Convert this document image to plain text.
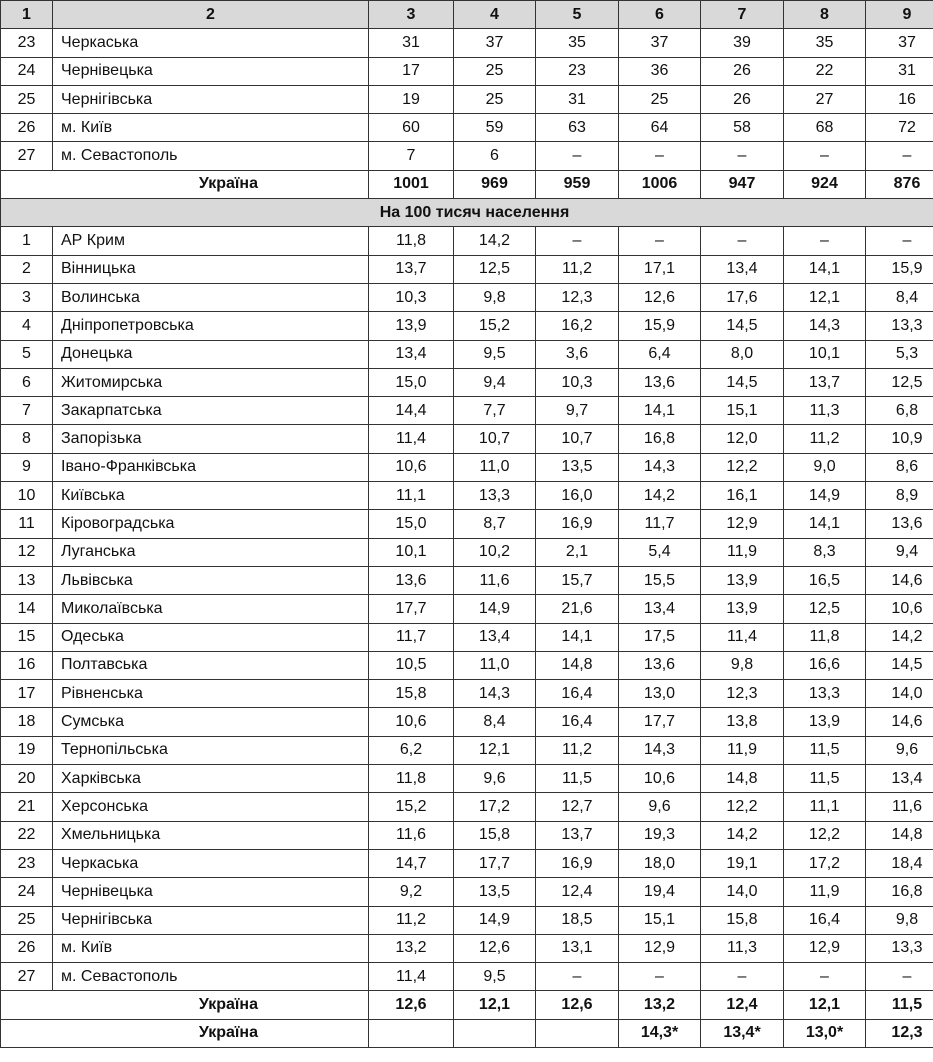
1	2	3	4	5	6	7	8	9
23	Черкаська	31	37	35	37	39	35	37
24	Чернівецька	17	25	23	36	26	22	31
25	Чернігівська	19	25	31	25	26	27	16
26	м. Київ	60	59	63	64	58	68	72
27	м. Севастополь	7	6	–	–	–	–	–
Україна		1001	969	959	1006	947	924	876
На 100 тисяч населення								
1	АР Крим	11,8	14,2	–	–	–	–	–
2	Вінницька	13,7	12,5	11,2	17,1	13,4	14,1	15,9
3	Волинська	10,3	9,8	12,3	12,6	17,6	12,1	8,4
4	Дніпропетровська	13,9	15,2	16,2	15,9	14,5	14,3	13,3
5	Донецька	13,4	9,5	3,6	6,4	8,0	10,1	5,3
6	Житомирська	15,0	9,4	10,3	13,6	14,5	13,7	12,5
7	Закарпатська	14,4	7,7	9,7	14,1	15,1	11,3	6,8
8	Запорізька	11,4	10,7	10,7	16,8	12,0	11,2	10,9
9	Івано-Франківська	10,6	11,0	13,5	14,3	12,2	9,0	8,6
10	Київська	11,1	13,3	16,0	14,2	16,1	14,9	8,9
11	Кіровоградська	15,0	8,7	16,9	11,7	12,9	14,1	13,6
12	Луганська	10,1	10,2	2,1	5,4	11,9	8,3	9,4
13	Львівська	13,6	11,6	15,7	15,5	13,9	16,5	14,6
14	Миколаївська	17,7	14,9	21,6	13,4	13,9	12,5	10,6
15	Одеська	11,7	13,4	14,1	17,5	11,4	11,8	14,2
16	Полтавська	10,5	11,0	14,8	13,6	9,8	16,6	14,5
17	Рівненська	15,8	14,3	16,4	13,0	12,3	13,3	14,0
18	Сумська	10,6	8,4	16,4	17,7	13,8	13,9	14,6
19	Тернопільська	6,2	12,1	11,2	14,3	11,9	11,5	9,6
20	Харківська	11,8	9,6	11,5	10,6	14,8	11,5	13,4
21	Херсонська	15,2	17,2	12,7	9,6	12,2	11,1	11,6
22	Хмельницька	11,6	15,8	13,7	19,3	14,2	12,2	14,8
23	Черкаська	14,7	17,7	16,9	18,0	19,1	17,2	18,4
24	Чернівецька	9,2	13,5	12,4	19,4	14,0	11,9	16,8
25	Чернігівська	11,2	14,9	18,5	15,1	15,8	16,4	9,8
26	м. Київ	13,2	12,6	13,1	12,9	11,3	12,9	13,3
27	м. Севастополь	11,4	9,5	–	–	–	–	–
Україна		12,6	12,1	12,6	13,2	12,4	12,1	11,5
Україна					14,3*	13,4*	13,0*	12,3
